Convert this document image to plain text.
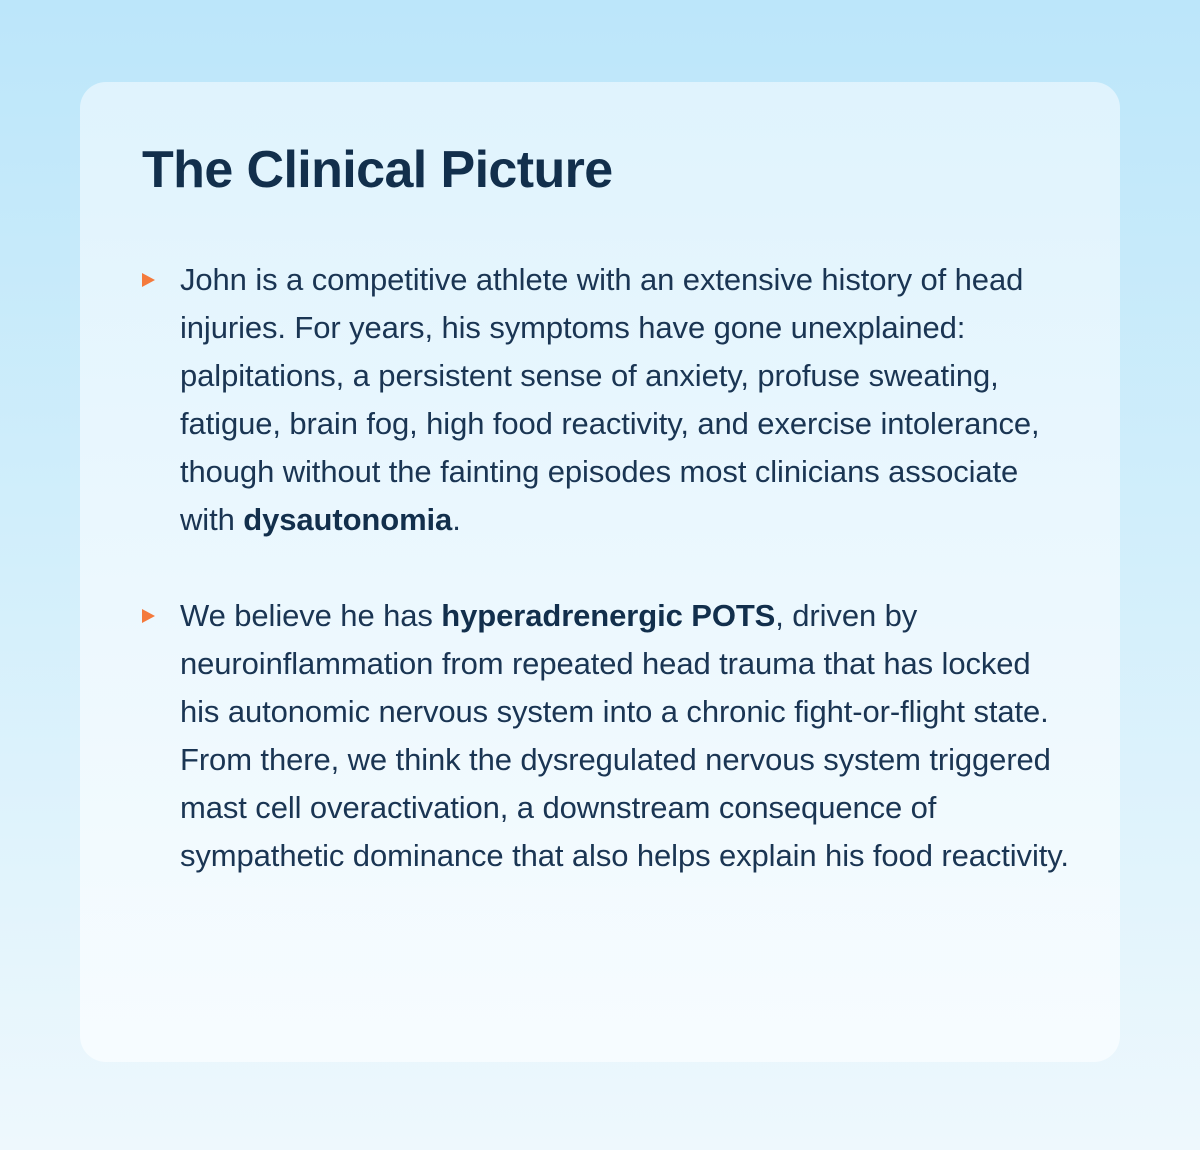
The Clinical Picture
John is a competitive athlete with an extensive history of head injuries. For years, his symptoms have gone unexplained: palpitations, a persistent sense of anxiety, profuse sweating, fatigue, brain fog, high food reactivity, and exercise intolerance, though without the fainting episodes most clinicians associate with dysautonomia.
We believe he has hyperadrenergic POTS, driven by neuroinflammation from repeated head trauma that has locked his autonomic nervous system into a chronic fight-or-flight state. From there, we think the dysregulated nervous system triggered mast cell overactivation, a downstream consequence of sympathetic dominance that also helps explain his food reactivity.
